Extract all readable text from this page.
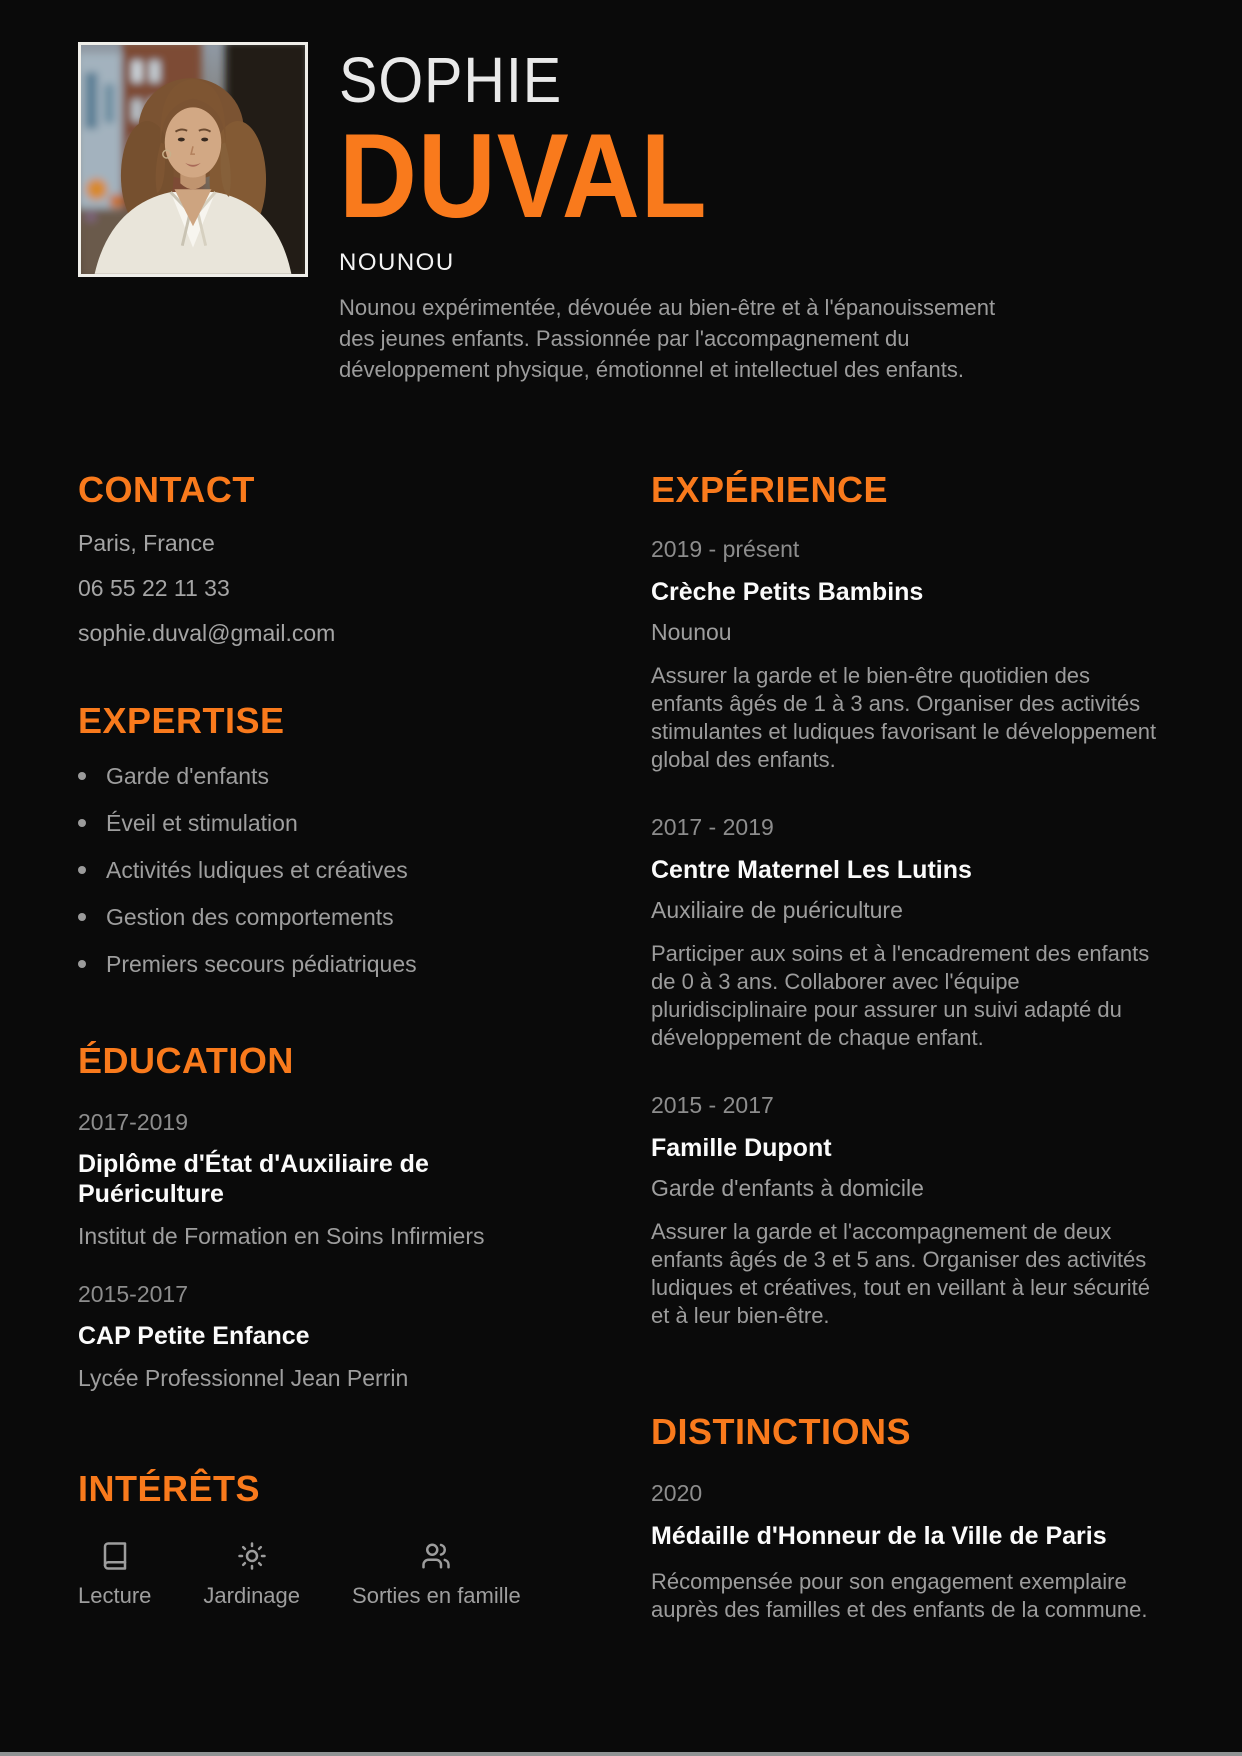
SOPHIE
DUVAL
NOUNOU

Nounou expérimentée, dévouée au bien-être et à l'épanouissement des jeunes enfants. Passionnée par l'accompagnement du développement physique, émotionnel et intellectuel des enfants.

CONTACT

Paris, France

06 55 22 11 33

sophie.duval@gmail.com

EXPERTISE
Garde d'enfants
Éveil et stimulation
Activités ludiques et créatives
Gestion des comportements
Premiers secours pédiatriques
ÉDUCATION
2017-2019
Diplôme d'État d'Auxiliaire de Puériculture
Institut de Formation en Soins Infirmiers
2015-2017
CAP Petite Enfance
Lycée Professionnel Jean Perrin
INTÉRÊTS
Lecture Jardinage Sorties en famille
EXPÉRIENCE
2019 - présent
Crèche Petits Bambins
Nounou

Assurer la garde et le bien-être quotidien des enfants âgés de 1 à 3 ans. Organiser des activités stimulantes et ludiques favorisant le développement global des enfants.

2017 - 2019
Centre Maternel Les Lutins
Auxiliaire de puériculture

Participer aux soins et à l'encadrement des enfants de 0 à 3 ans. Collaborer avec l'équipe pluridisciplinaire pour assurer un suivi adapté du développement de chaque enfant.

2015 - 2017
Famille Dupont
Garde d'enfants à domicile

Assurer la garde et l'accompagnement de deux enfants âgés de 3 et 5 ans. Organiser des activités ludiques et créatives, tout en veillant à leur sécurité et à leur bien-être.

DISTINCTIONS
2020
Médaille d'Honneur de la Ville de Paris

Récompensée pour son engagement exemplaire auprès des familles et des enfants de la commune.
